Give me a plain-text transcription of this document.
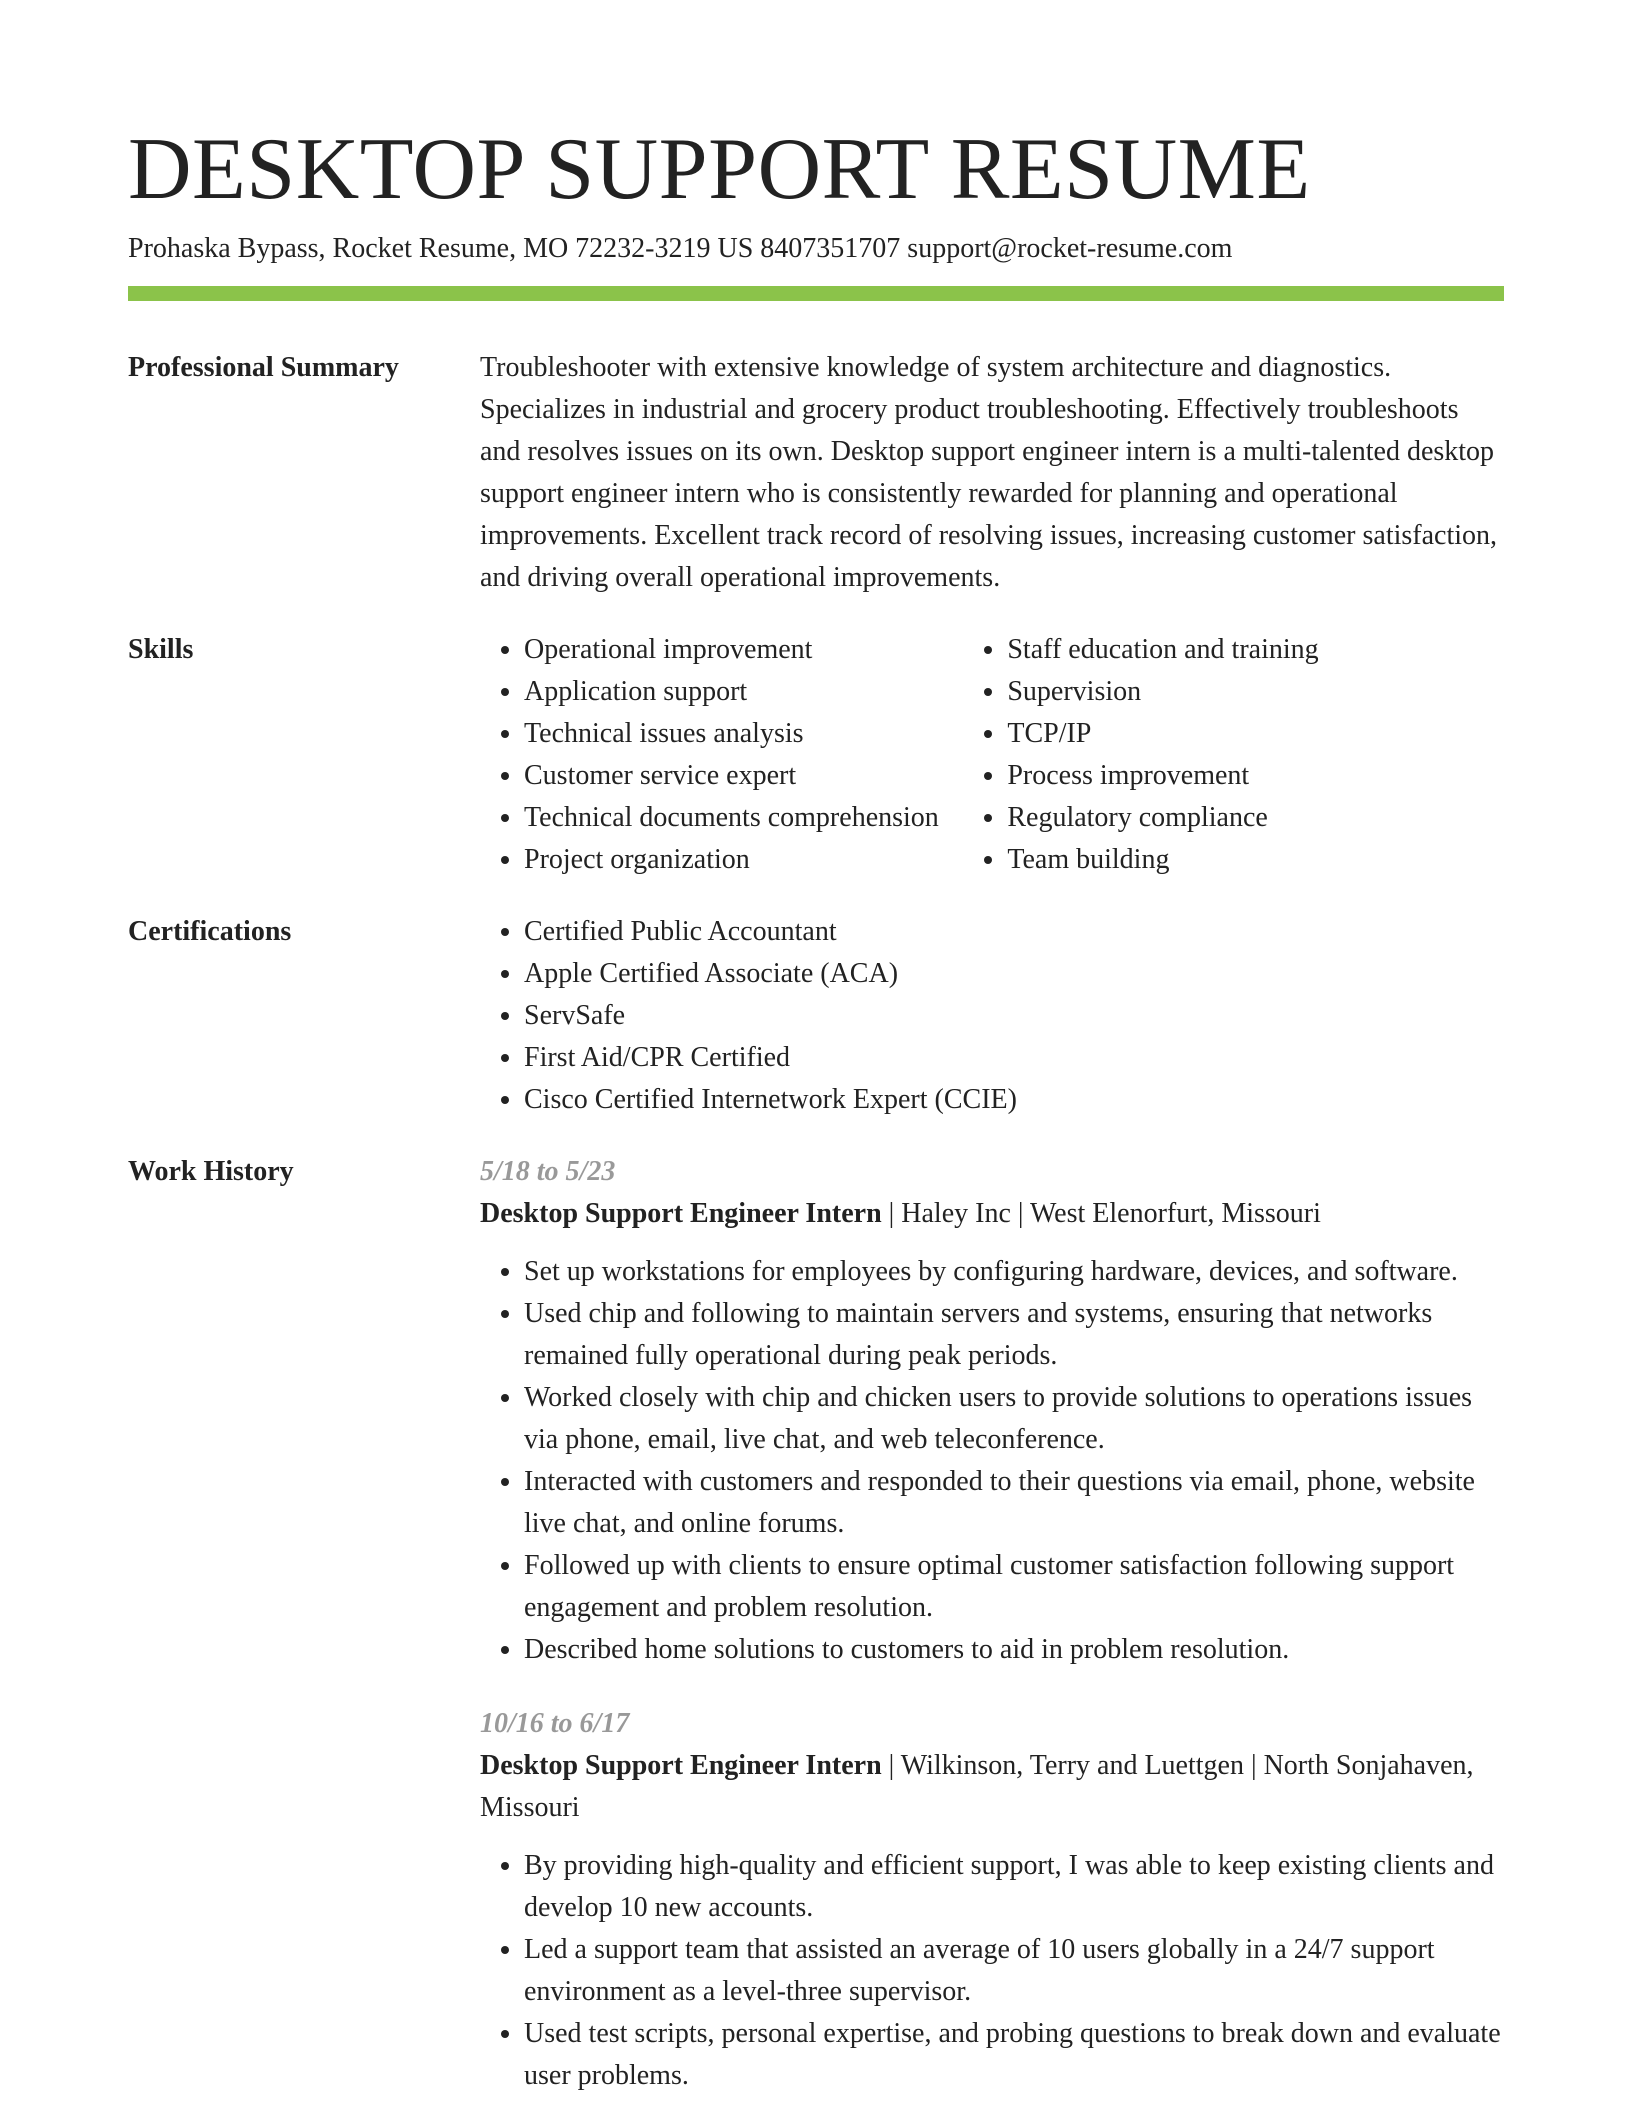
DESKTOP SUPPORT RESUME
Prohaska Bypass, Rocket Resume, MO 72232-3219 US 8407351707 support@rocket-resume.com
Professional Summary	Troubleshooter with extensive knowledge of system architecture and diagnostics. Specializes in industrial and grocery product troubleshooting. Effectively troubleshoots and resolves issues on its own. Desktop support engineer intern is a multi-talented desktop support engineer intern who is consistently rewarded for planning and operational improvements. Excellent track record of resolving issues, increasing customer satisfaction, and driving overall operational improvements.

Skills	• Operational improvement
• Application support
• Technical issues analysis
• Customer service expert
• Technical documents comprehension
• Project organization
• Staff education and training
• Supervision
• TCP/IP
• Process improvement
• Regulatory compliance
• Team building
Certifications	• Certified Public Accountant
• Apple Certified Associate (ACA)
• ServSafe
• First Aid/CPR Certified
• Cisco Certified Internetwork Expert (CCIE)
Work History	5/18 to 5/23

Desktop Support Engineer Intern | Haley Inc | West Elenorfurt, Missouri

• Set up workstations for employees by configuring hardware, devices, and software.
• Used chip and following to maintain servers and systems, ensuring that networks remained fully operational during peak periods.
• Worked closely with chip and chicken users to provide solutions to operations issues via phone, email, live chat, and web teleconference.
• Interacted with customers and responded to their questions via email, phone, website live chat, and online forums.
• Followed up with clients to ensure optimal customer satisfaction following support engagement and problem resolution.
• Described home solutions to customers to aid in problem resolution.
10/16 to 6/17

Desktop Support Engineer Intern | Wilkinson, Terry and Luettgen | North Sonjahaven, Missouri

• By providing high-quality and efficient support, I was able to keep existing clients and develop 10 new accounts.
• Led a support team that assisted an average of 10 users globally in a 24/7 support environment as a level-three supervisor.
• Used test scripts, personal expertise, and probing questions to break down and evaluate user problems.
